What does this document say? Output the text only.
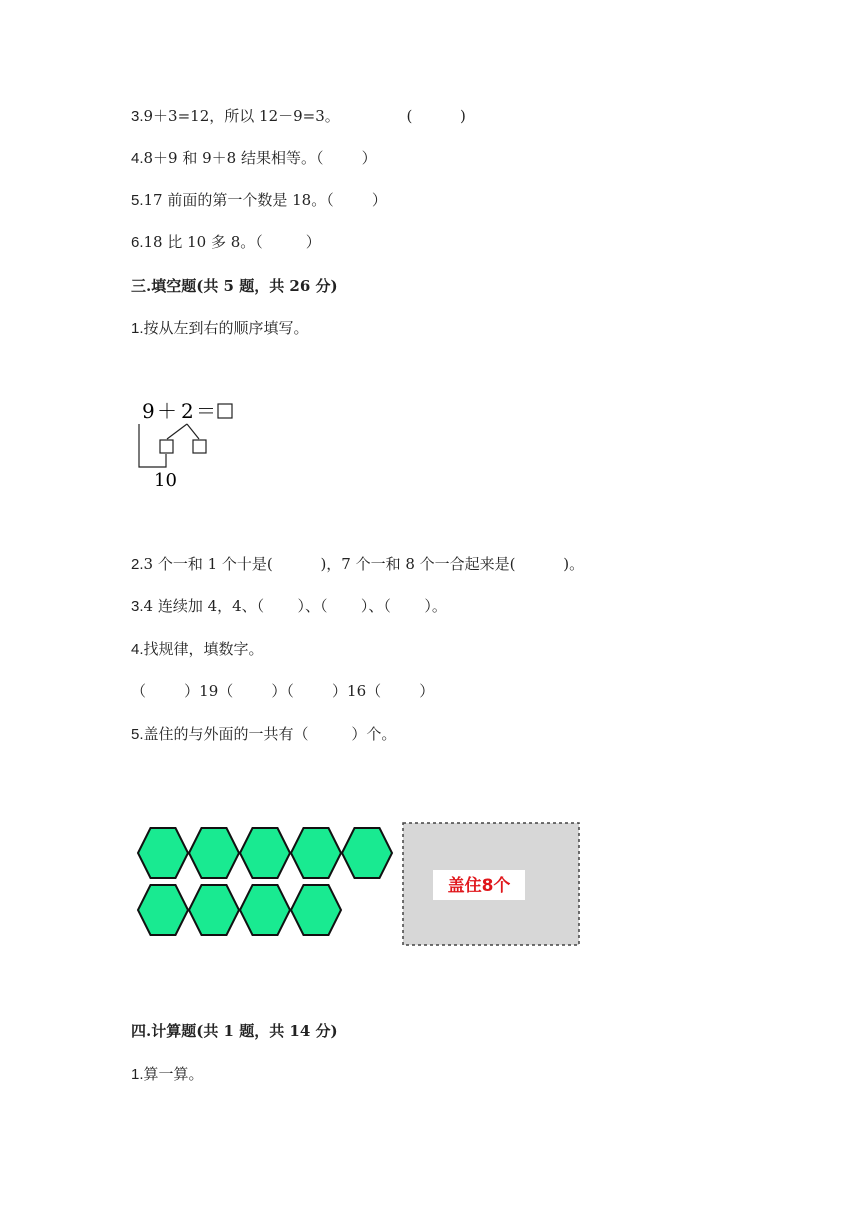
3.9＋3=12，所以 12－9=3。              (          )
4.8＋9 和 9＋8 结果相等。（        ）
5.17 前面的第一个数是 18。（        ）
6.18 比 10 多 8。（         ）
三.填空题(共 5 题，共 26 分)
1.按从左到右的顺序填写。
9 ＋ 2 ＝
10
2.3 个一和 1 个十是(          )，7 个一和 8 个一合起来是(          )。
3.4 连续加 4，4、（       ）、（       ）、（       ）。
4.找规律，填数字。
（        ）19（        ）（        ）16（        ）
5.盖住的与外面的一共有（         ）个。
盖住8个
四.计算题(共 1 题，共 14 分)
1.算一算。
